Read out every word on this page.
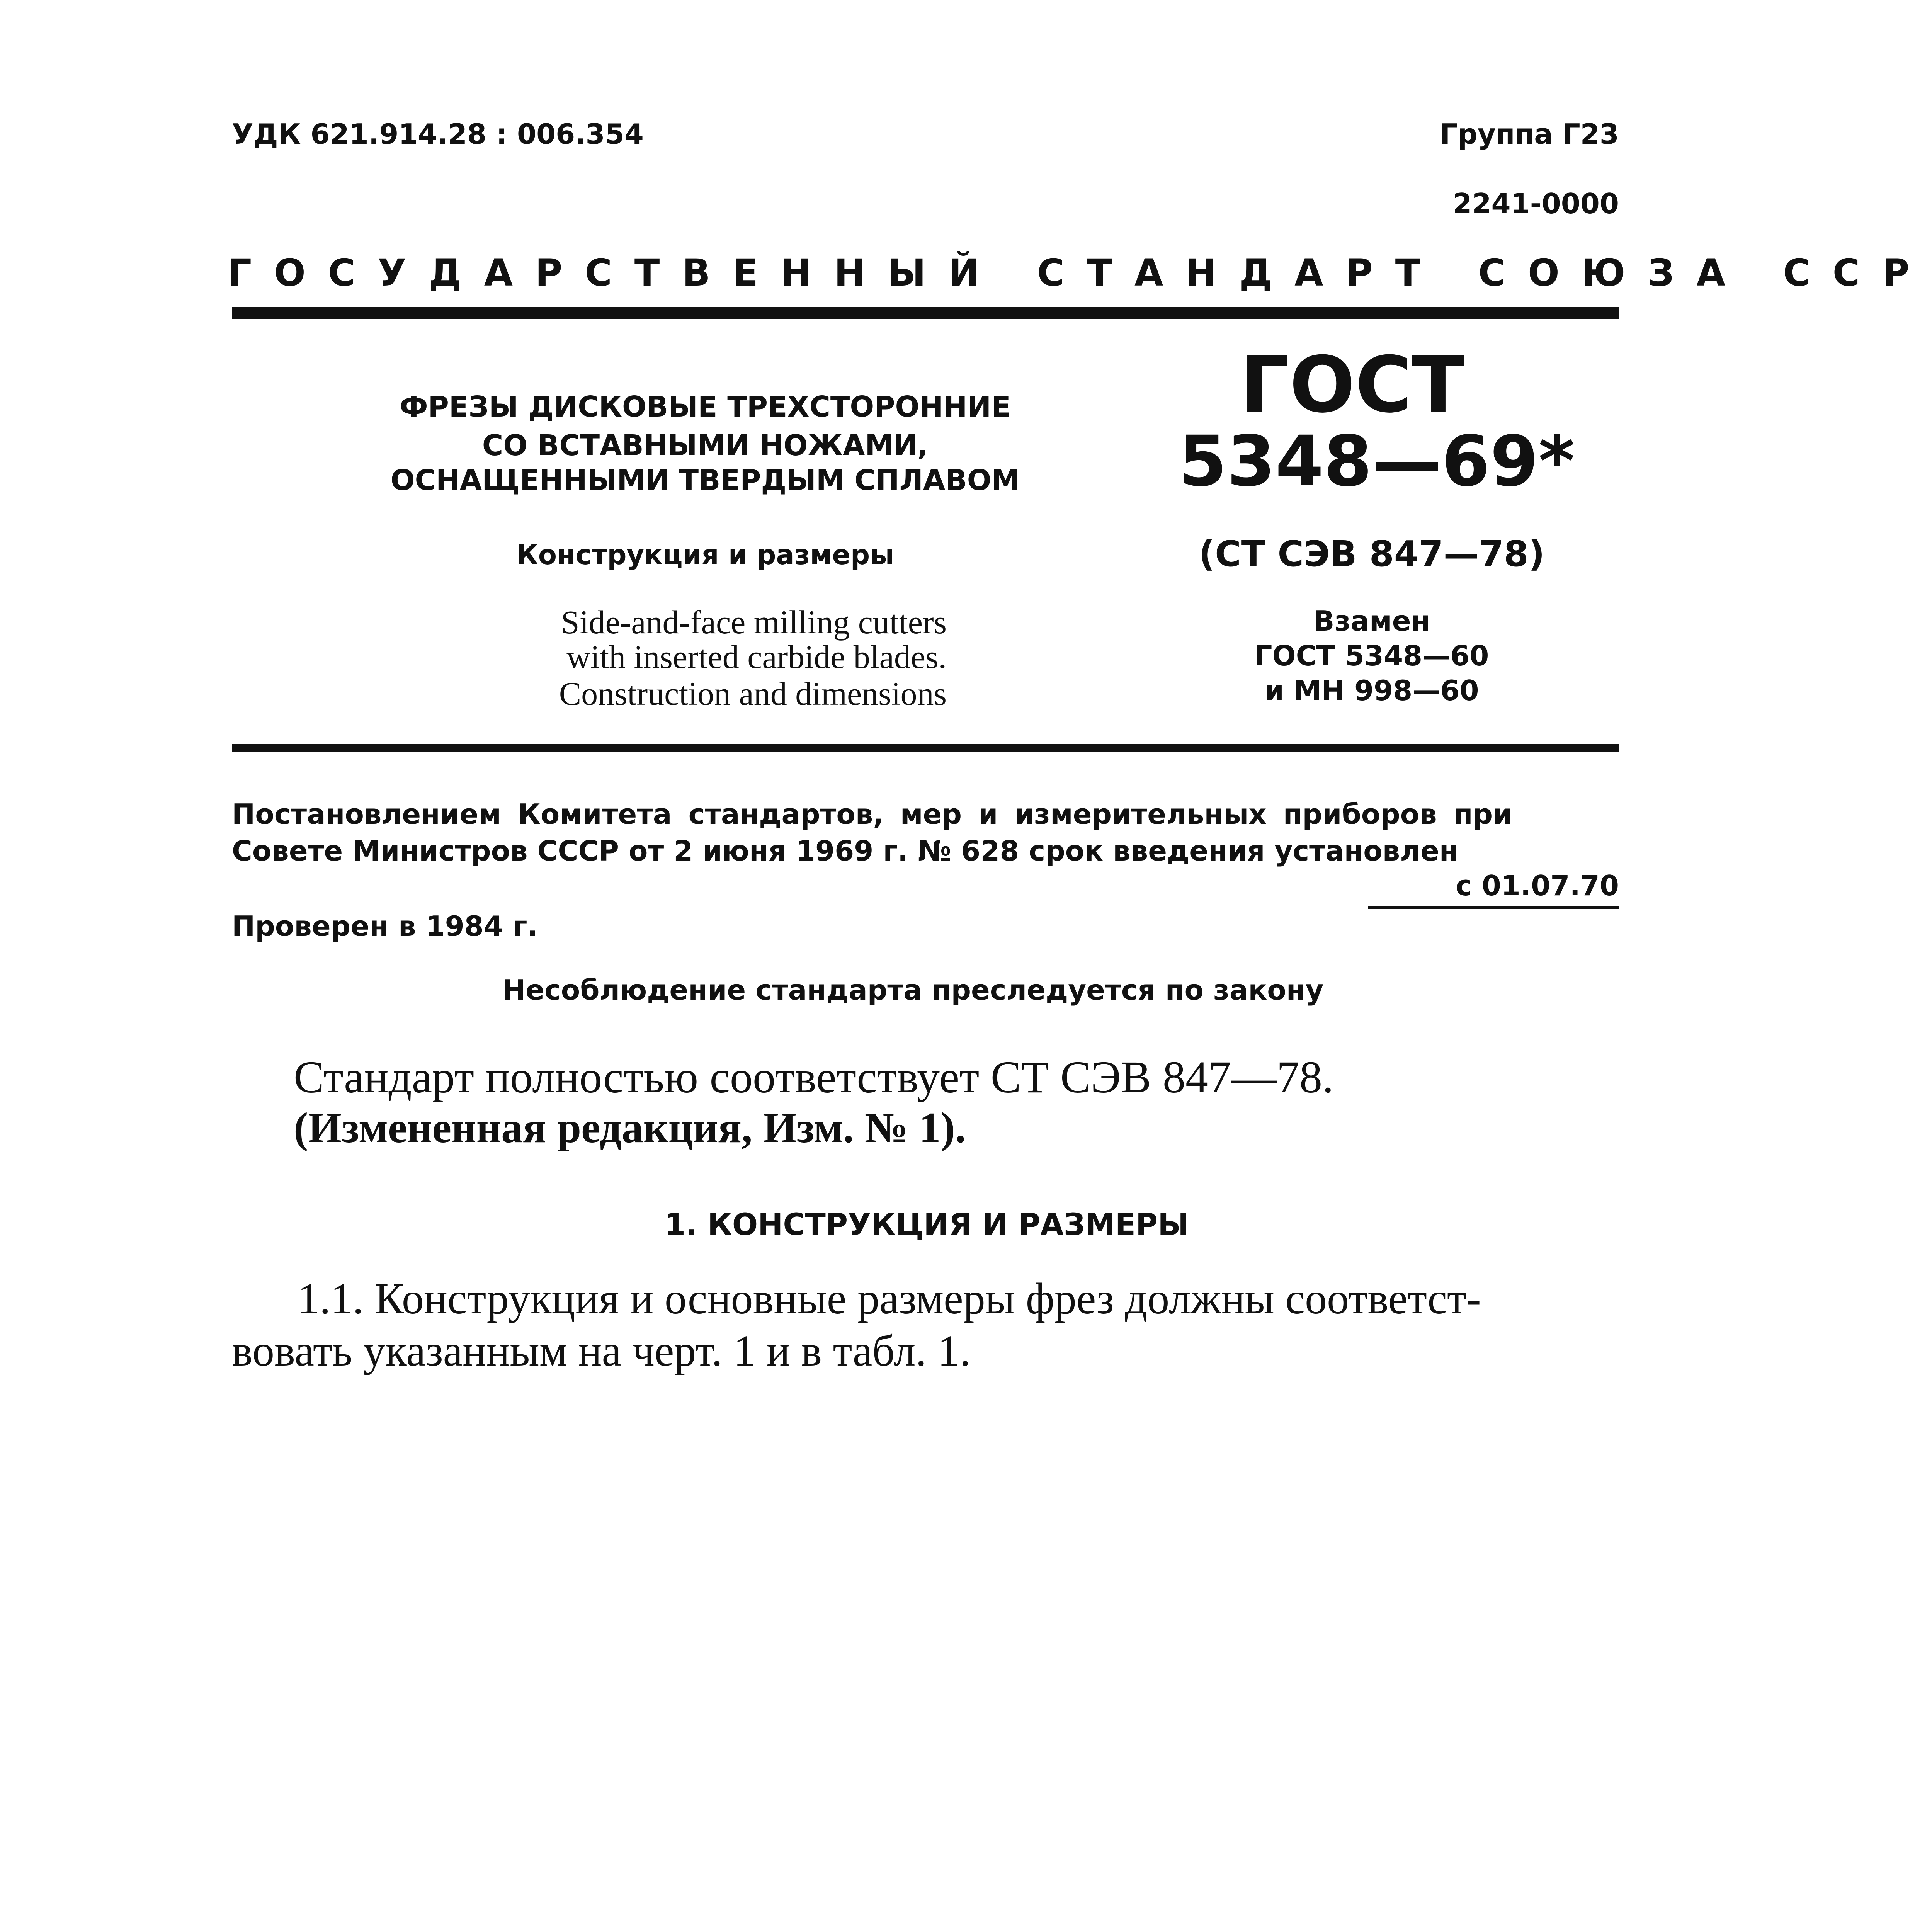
УДК 621.914.28 : 006.354	Группа Г23
2241-0000
ГОСУДАРСТВЕННЫЙ СТАНДАРТ СОЮЗА ССР
ФРЕЗЫ ДИСКОВЫЕ ТРЕХСТОРОННИЕ
СО ВСТАВНЫМИ НОЖАМИ,
ОСНАЩЕННЫМИ ТВЕРДЫМ СПЛАВОМ
Конструкция и размеры
Side-and-face milling cutters
with inserted carbide blades.
Construction and dimensions
ГОСТ
5348—69*
(СТ СЭВ 847—78)
Взамен
ГОСТ 5348—60
и МН 998—60
Постановлением Комитета стандартов, мер и измерительных приборов при
Совете Министров СССР от 2 июня 1969 г. № 628 срок введения установлен
с 01.07.70
Проверен в 1984 г.
Несоблюдение стандарта преследуется по закону
Стандарт полностью соответствует СТ СЭВ 847—78.
(Измененная редакция, Изм. № 1).
1. КОНСТРУКЦИЯ И РАЗМЕРЫ
1.1. Конструкция и основные размеры фрез должны соответст-
вовать указанным на черт. 1 и в табл. 1.
